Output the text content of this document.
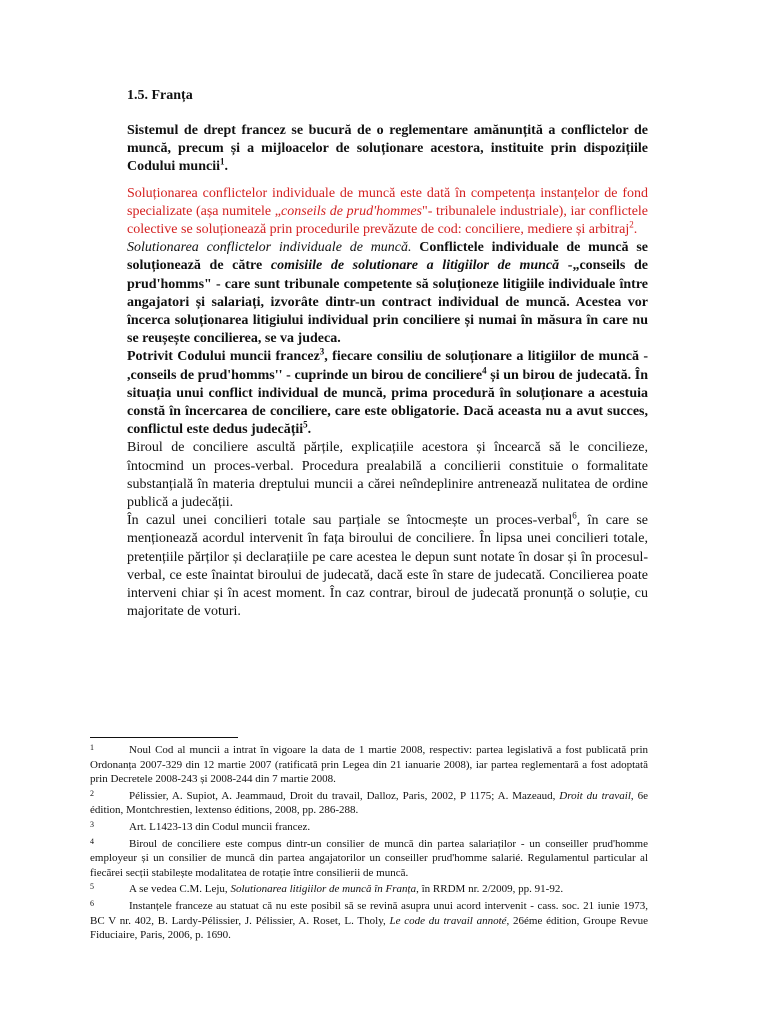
1.5. Franța

Sistemul de drept francez se bucură de o reglementare amănunțită a conflictelor de muncă, precum și a mijloacelor de soluționare acestora, instituite prin dispozițiile Codului muncii$^1$.

Soluționarea conflictelor individuale de muncă este dată în competența instanțelor de fond specializate (așa numitele „conseils de prud'hommes"- tribunalele industriale), iar conflictele colective se soluționează prin procedurile prevăzute de cod: conciliere, mediere și arbitraj$^2$.

Solutionarea conflictelor individuale de muncă. Conflictele individuale de muncă se soluționează de către comisiile de solutionare a litigiilor de muncă -„conseils de prud'homms" - care sunt tribunale competente să soluționeze litigiile individuale între angajatori și salariați, izvorâte dintr-un contract individual de muncă. Acestea vor încerca soluționarea litigiului individual prin conciliere și numai în măsura în care nu se reușește concilierea, se va judeca.

Potrivit Codului muncii francez$^3$, fiecare consiliu de soluționare a litigiilor de muncă - ,conseils de prud'homms'' - cuprinde un birou de conciliere$^4$ și un birou de judecată. În situația unui conflict individual de muncă, prima procedură în soluționare a acestuia constă în încercarea de conciliere, care este obligatorie. Dacă aceasta nu a avut succes, conflictul este dedus judecății$^5$.

Biroul de conciliere ascultă părțile, explicațiile acestora și încearcă să le concilieze, întocmind un proces-verbal. Procedura prealabilă a concilierii constituie o formalitate substanțială în materia dreptului muncii a cărei neîndeplinire antrenează nulitatea de ordine publică a judecății.

În cazul unei concilieri totale sau parțiale se întocmește un proces-verbal$^6$, în care se menționează acordul intervenit în fața biroului de conciliere. În lipsa unei concilieri totale, pretențiile părților și declarațiile pe care acestea le depun sunt notate în dosar și în procesul-verbal, ce este înaintat biroului de judecată, dacă este în stare de judecată. Concilierea poate interveni chiar și în acest moment. În caz contrar, biroul de judecată pronunță o soluție, cu majoritate de voturi.

1	Noul Cod al muncii a intrat în vigoare la data de 1 martie 2008, respectiv: partea legislativă a fost publicată prin Ordonanța 2007-329 din 12 martie 2007 (ratificată prin Legea din 21 ianuarie 2008), iar partea reglementară a fost adoptată prin Decretele 2008-243 și 2008-244 din 7 martie 2008.
2	Pélissier, A. Supiot, A. Jeammaud, Droit du travail, Dalloz, Paris, 2002, P 1175; A. Mazeaud, Droit du travail, 6e édition, Montchrestien, lextenso éditions, 2008, pp. 286-288.
3	Art. L1423-13 din Codul muncii francez.
4	Biroul de conciliere este compus dintr-un consilier de muncă din partea salariaților - un conseiller prud'homme employeur și un consilier de muncă din partea angajatorilor un conseiller prud'homme salarié. Regulamentul particular al fiecărei secții stabilește modalitatea de rotație între consilierii de muncă.
5	A se vedea C.M. Leju, Solutionarea litigiilor de muncă în Franța, în RRDM nr. 2/2009, pp. 91-92.
6	Instanțele franceze au statuat că nu este posibil să se revină asupra unui acord intervenit - cass. soc. 21 iunie 1973, BC V nr. 402, B. Lardy-Pélissier, J. Pélissier, A. Roset, L. Tholy, Le code du travail annoté, 26éme édition, Groupe Revue Fiduciaire, Paris, 2006, p. 1690.
